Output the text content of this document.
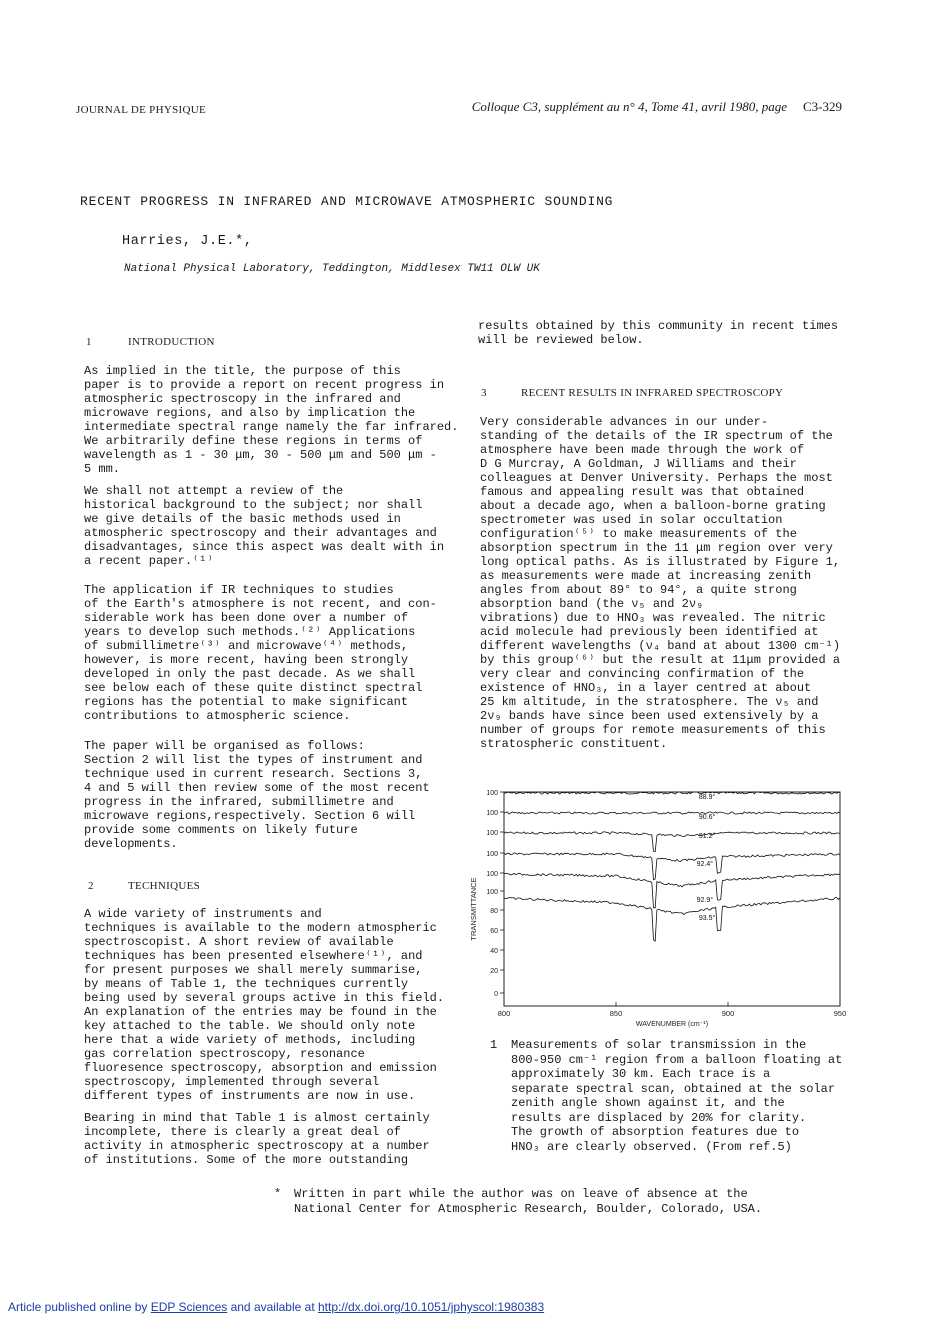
JOURNAL DE PHYSIQUE	Colloque C3, supplément au n° 4, Tome 41, avril 1980, page C3-329
RECENT PROGRESS IN INFRARED AND MICROWAVE ATMOSPHERIC SOUNDING
Harries, J.E.*,
National Physical Laboratory, Teddington, Middlesex TW11 OLW UK
1	INTRODUCTION

As implied in the title, the purpose of this
paper is to provide a report on recent progress in
atmospheric spectroscopy in the infrared and
microwave regions, and also by implication the
intermediate spectral range namely the far infrared.
We arbitrarily define these regions in terms of
wavelength as 1 - 30 μm, 30 - 500 μm and 500 μm -
5 mm.

We shall not attempt a review of the
historical background to the subject; nor shall
we give details of the basic methods used in
atmospheric spectroscopy and their advantages and
disadvantages, since this aspect was dealt with in
a recent paper.⁽¹⁾

The application if IR techniques to studies
of the Earth's atmosphere is not recent, and con-
siderable work has been done over a number of
years to develop such methods.⁽²⁾ Applications
of submillimetre⁽³⁾ and microwave⁽⁴⁾ methods,
however, is more recent, having been strongly
developed in only the past decade. As we shall
see below each of these quite distinct spectral
regions has the potential to make significant
contributions to atmospheric science.

The paper will be organised as follows:
Section 2 will list the types of instrument and
technique used in current research. Sections 3,
4 and 5 will then review some of the most recent
progress in the infrared, submillimetre and
microwave regions,respectively. Section 6 will
provide some comments on likely future
developments.

2	TECHNIQUES

A wide variety of instruments and
techniques is available to the modern atmospheric
spectroscopist. A short review of available
techniques has been presented elsewhere⁽¹⁾, and
for present purposes we shall merely summarise,
by means of Table 1, the techniques currently
being used by several groups active in this field.
An explanation of the entries may be found in the
key attached to the table. We should only note
here that a wide variety of methods, including
gas correlation spectroscopy, resonance
fluoresence spectroscopy, absorption and emission
spectroscopy, implemented through several
different types of instruments are now in use.

Bearing in mind that Table 1 is almost certainly
incomplete, there is clearly a great deal of
activity in atmospheric spectroscopy at a number
of institutions. Some of the more outstanding

results obtained by this community in recent times
will be reviewed below.

3	RECENT RESULTS IN INFRARED SPECTROSCOPY

Very considerable advances in our under-
standing of the details of the IR spectrum of the
atmosphere have been made through the work of
D G Murcray, A Goldman, J Williams and their
colleagues at Denver University. Perhaps the most
famous and appealing result was that obtained
about a decade ago, when a balloon-borne grating
spectrometer was used in solar occultation
configuration⁽⁵⁾ to make measurements of the
absorption spectrum in the 11 μm region over very
long optical paths. As is illustrated by Figure 1,
as measurements were made at increasing zenith
angles from about 89° to 94°, a quite strong
absorption band (the ν₅ and 2ν₉
vibrations) due to HNO₃ was revealed. The nitric
acid molecule had previously been identified at
different wavelengths (ν₄ band at about 1300 cm⁻¹)
by this group⁽⁶⁾ but the result at 11μm provided a
very clear and convincing confirmation of the
existence of HNO₃, in a layer centred at about
25 km altitude, in the stratosphere. The ν₅ and
2ν₉ bands have since been used extensively by a
number of groups for remote measurements of this
stratospheric constituent.

100
100
100
100
100
100
80
60
40
20
0
800	850	900	950
88.9°
90.6°
91.2°
92.4°
92.9°
93.5°
TRANSMITTANCE
WAVENUMBER (cm⁻¹)
1 Measurements of solar transmission in the
800-950 cm⁻¹ region from a balloon floating at
approximately 30 km. Each trace is a
separate spectral scan, obtained at the solar
zenith angle shown against it, and the
results are displaced by 20% for clarity.
The growth of absorption features due to
HNO₃ are clearly observed. (From ref.5)
* Written in part while the author was on leave of absence at the
National Center for Atmospheric Research, Boulder, Colorado, USA.
Article published online by EDP Sciences and available at http://dx.doi.org/10.1051/jphyscol:1980383
